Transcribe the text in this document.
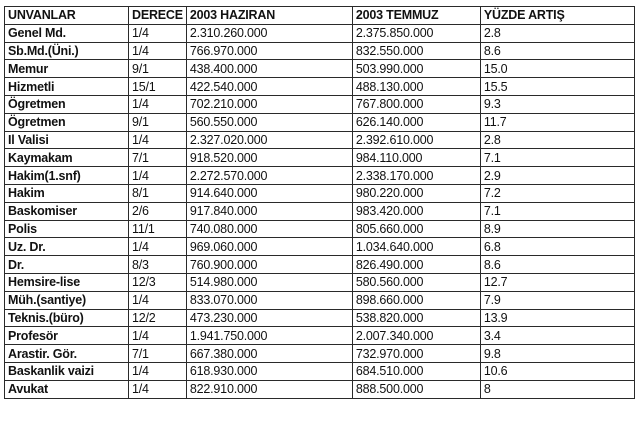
UNVANLAR	DERECE	2003 HAZIRAN	2003 TEMMUZ	YÜZDE ARTIŞ
Genel Md.	1/4	2.310.260.000	2.375.850.000	2.8
Sb.Md.(Üni.)	1/4	766.970.000	832.550.000	8.6
Memur	9/1	438.400.000	503.990.000	15.0
Hizmetli	15/1	422.540.000	488.130.000	15.5
Ögretmen	1/4	702.210.000	767.800.000	9.3
Ögretmen	9/1	560.550.000	626.140.000	11.7
Il Valisi	1/4	2.327.020.000	2.392.610.000	2.8
Kaymakam	7/1	918.520.000	984.110.000	7.1
Hakim(1.snf)	1/4	2.272.570.000	2.338.170.000	2.9
Hakim	8/1	914.640.000	980.220.000	7.2
Baskomiser	2/6	917.840.000	983.420.000	7.1
Polis	11/1	740.080.000	805.660.000	8.9
Uz. Dr.	1/4	969.060.000	1.034.640.000	6.8
Dr.	8/3	760.900.000	826.490.000	8.6
Hemsire-lise	12/3	514.980.000	580.560.000	12.7
Müh.(santiye)	1/4	833.070.000	898.660.000	7.9
Teknis.(büro)	12/2	473.230.000	538.820.000	13.9
Profesör	1/4	1.941.750.000	2.007.340.000	3.4
Arastir. Gör.	7/1	667.380.000	732.970.000	9.8
Baskanlik vaizi	1/4	618.930.000	684.510.000	10.6
Avukat	1/4	822.910.000	888.500.000	8
